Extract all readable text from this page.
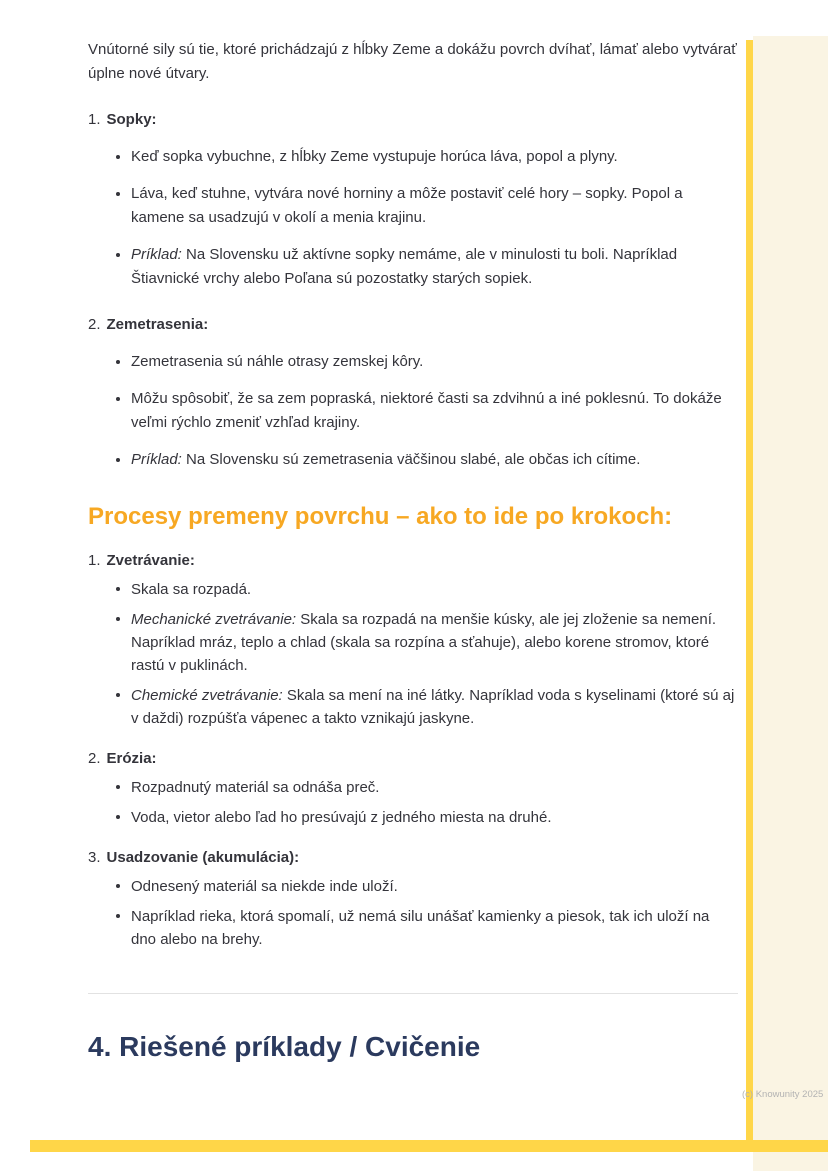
Vnútorné sily sú tie, ktoré prichádzajú z hĺbky Zeme a dokážu povrch dvíhať, lámať alebo vytvárať úplne nové útvary.

1. Sopky:

Keď sopka vybuchne, z hĺbky Zeme vystupuje horúca láva, popol a plyny.

Láva, keď stuhne, vytvára nové horniny a môže postaviť celé hory – sopky. Popol a kamene sa usadzujú v okolí a menia krajinu.

Príklad: Na Slovensku už aktívne sopky nemáme, ale v minulosti tu boli. Napríklad Štiavnické vrchy alebo Poľana sú pozostatky starých sopiek.

2. Zemetrasenia:

Zemetrasenia sú náhle otrasy zemskej kôry.

Môžu spôsobiť, že sa zem popraská, niektoré časti sa zdvihnú a iné poklesnú. To dokáže veľmi rýchlo zmeniť vzhľad krajiny.

Príklad: Na Slovensku sú zemetrasenia väčšinou slabé, ale občas ich cítime.

Procesy premeny povrchu – ako to ide po krokoch:
1. Zvetrávanie:

Skala sa rozpadá.

Mechanické zvetrávanie: Skala sa rozpadá na menšie kúsky, ale jej zloženie sa nemení. Napríklad mráz, teplo a chlad (skala sa rozpína a sťahuje), alebo korene stromov, ktoré rastú v puklinách.

Chemické zvetrávanie: Skala sa mení na iné látky. Napríklad voda s kyselinami (ktoré sú aj v daždi) rozpúšťa vápenec a takto vznikajú jaskyne.

2. Erózia:

Rozpadnutý materiál sa odnáša preč.

Voda, vietor alebo ľad ho presúvajú z jedného miesta na druhé.

3. Usadzovanie (akumulácia):

Odnesený materiál sa niekde inde uloží.

Napríklad rieka, ktorá spomalí, už nemá silu unášať kamienky a piesok, tak ich uloží na dno alebo na brehy.

4. Riešené príklady / Cvičenie
(c) Knowunity 2025
